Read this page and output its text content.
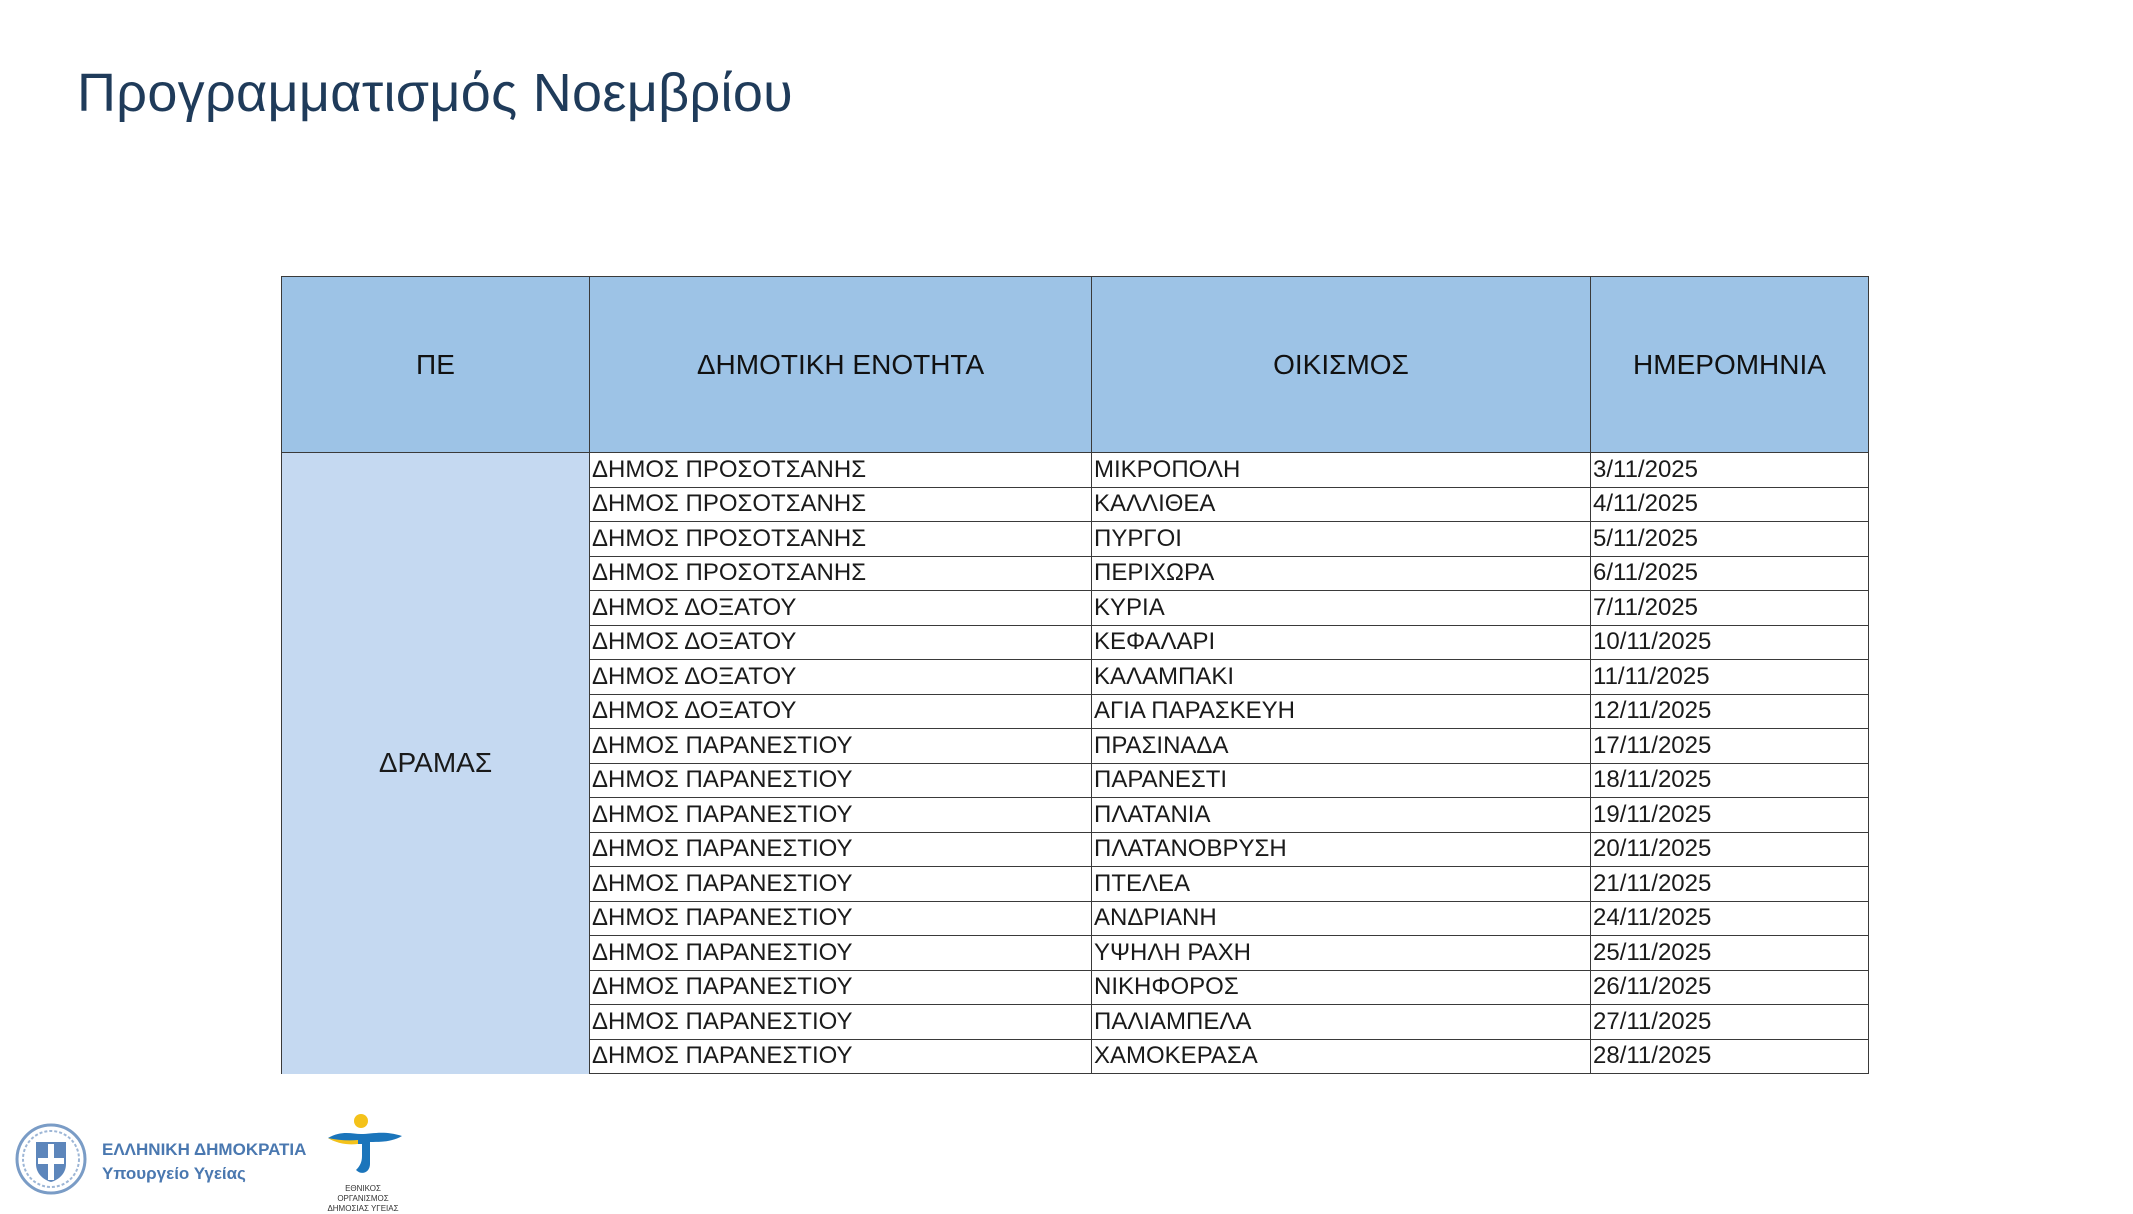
Προγραμματισμός Νοεμβρίου
ΠΕ	ΔΗΜΟΤΙΚΗ ΕΝΟΤΗΤΑ	ΟΙΚΙΣΜΟΣ	ΗΜΕΡΟΜΗΝΙΑ
ΔΡΑΜΑΣ	ΔΗΜΟΣ ΠΡΟΣΟΤΣΑΝΗΣ	ΜΙΚΡΟΠΟΛΗ	3/11/2025
	ΔΗΜΟΣ ΠΡΟΣΟΤΣΑΝΗΣ	ΚΑΛΛΙΘΕΑ	4/11/2025
	ΔΗΜΟΣ ΠΡΟΣΟΤΣΑΝΗΣ	ΠΥΡΓΟΙ	5/11/2025
	ΔΗΜΟΣ ΠΡΟΣΟΤΣΑΝΗΣ	ΠΕΡΙΧΩΡΑ	6/11/2025
	ΔΗΜΟΣ ΔΟΞΑΤΟΥ	ΚΥΡΙΑ	7/11/2025
	ΔΗΜΟΣ ΔΟΞΑΤΟΥ	ΚΕΦΑΛΑΡΙ	10/11/2025
	ΔΗΜΟΣ ΔΟΞΑΤΟΥ	ΚΑΛΑΜΠΑΚΙ	11/11/2025
	ΔΗΜΟΣ ΔΟΞΑΤΟΥ	ΑΓΙΑ ΠΑΡΑΣΚΕΥΗ	12/11/2025
	ΔΗΜΟΣ ΠΑΡΑΝΕΣΤΙΟΥ	ΠΡΑΣΙΝΑΔΑ	17/11/2025
	ΔΗΜΟΣ ΠΑΡΑΝΕΣΤΙΟΥ	ΠΑΡΑΝΕΣΤΙ	18/11/2025
	ΔΗΜΟΣ ΠΑΡΑΝΕΣΤΙΟΥ	ΠΛΑΤΑΝΙΑ	19/11/2025
	ΔΗΜΟΣ ΠΑΡΑΝΕΣΤΙΟΥ	ΠΛΑΤΑΝΟΒΡΥΣΗ	20/11/2025
	ΔΗΜΟΣ ΠΑΡΑΝΕΣΤΙΟΥ	ΠΤΕΛΕΑ	21/11/2025
	ΔΗΜΟΣ ΠΑΡΑΝΕΣΤΙΟΥ	ΑΝΔΡΙΑΝΗ	24/11/2025
	ΔΗΜΟΣ ΠΑΡΑΝΕΣΤΙΟΥ	ΥΨΗΛΗ ΡΑΧΗ	25/11/2025
	ΔΗΜΟΣ ΠΑΡΑΝΕΣΤΙΟΥ	ΝΙΚΗΦΟΡΟΣ	26/11/2025
	ΔΗΜΟΣ ΠΑΡΑΝΕΣΤΙΟΥ	ΠΑΛΙΑΜΠΕΛΑ	27/11/2025
	ΔΗΜΟΣ ΠΑΡΑΝΕΣΤΙΟΥ	ΧΑΜΟΚΕΡΑΣΑ	28/11/2025
ΕΛΛΗΝΙΚΗ ΔΗΜΟΚΡΑΤΙΑ
Υπουργείο Υγείας
ΕΘΝΙΚΟΣ ΟΡΓΑΝΙΣΜΟΣ
ΔΗΜΟΣΙΑΣ ΥΓΕΙΑΣ
